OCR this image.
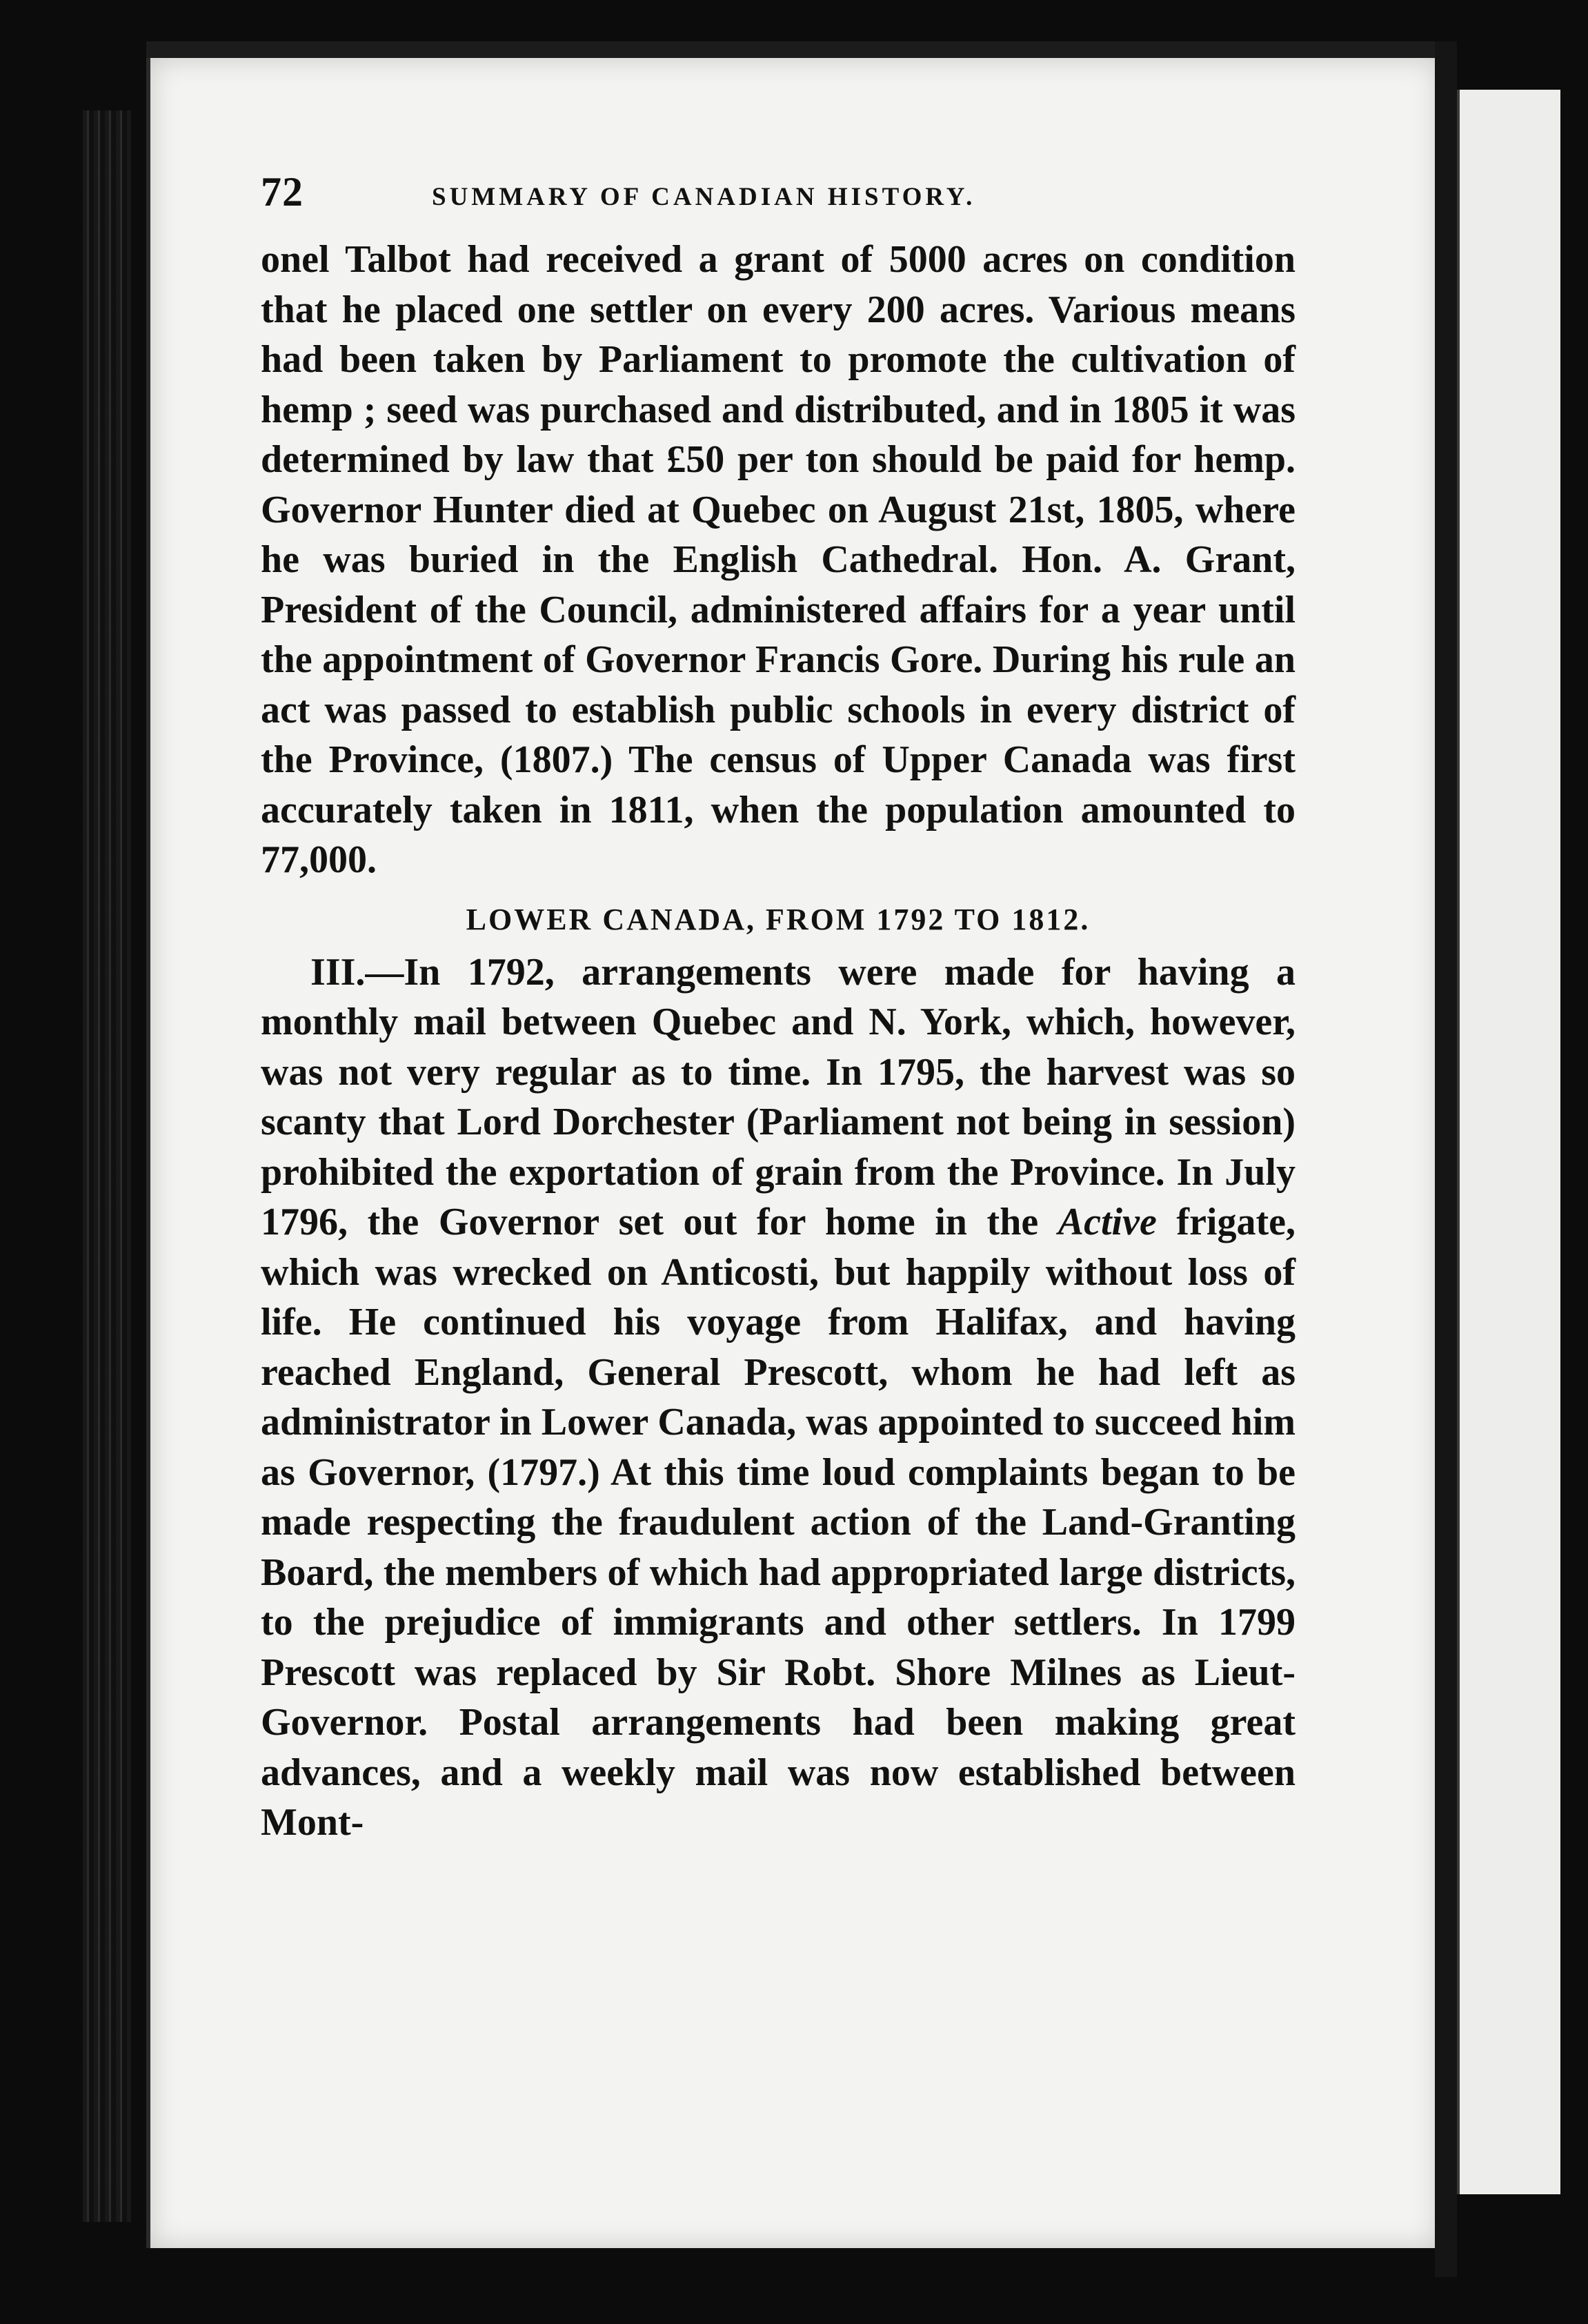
72	SUMMARY OF CANADIAN HISTORY.

onel Talbot had received a grant of 5000 acres on condition that he placed one settler on every 200 acres. Various means had been taken by Parliament to promote the cultivation of hemp ; seed was purchased and distributed, and in 1805 it was determined by law that £50 per ton should be paid for hemp. Governor Hunter died at Quebec on August 21st, 1805, where he was buried in the English Cathedral. Hon. A. Grant, President of the Council, administered affairs for a year until the appointment of Governor Francis Gore. During his rule an act was passed to establish public schools in every district of the Province, (1807.) The census of Upper Canada was first accurately taken in 1811, when the population amounted to 77,000.

LOWER CANADA, FROM 1792 TO 1812.

III.—In 1792, arrangements were made for having a monthly mail between Quebec and N. York, which, however, was not very regular as to time. In 1795, the harvest was so scanty that Lord Dorchester (Parliament not being in session) prohibited the exportation of grain from the Province. In July 1796, the Governor set out for home in the Active frigate, which was wrecked on Anticosti, but happily without loss of life. He continued his voyage from Halifax, and having reached England, General Prescott, whom he had left as administrator in Lower Canada, was appointed to succeed him as Governor, (1797.) At this time loud complaints began to be made respecting the fraudulent action of the Land-Granting Board, the members of which had appropriated large districts, to the prejudice of immigrants and other settlers. In 1799 Prescott was replaced by Sir Robt. Shore Milnes as Lieut-Governor. Postal arrangements had been making great advances, and a weekly mail was now established between Mont-
